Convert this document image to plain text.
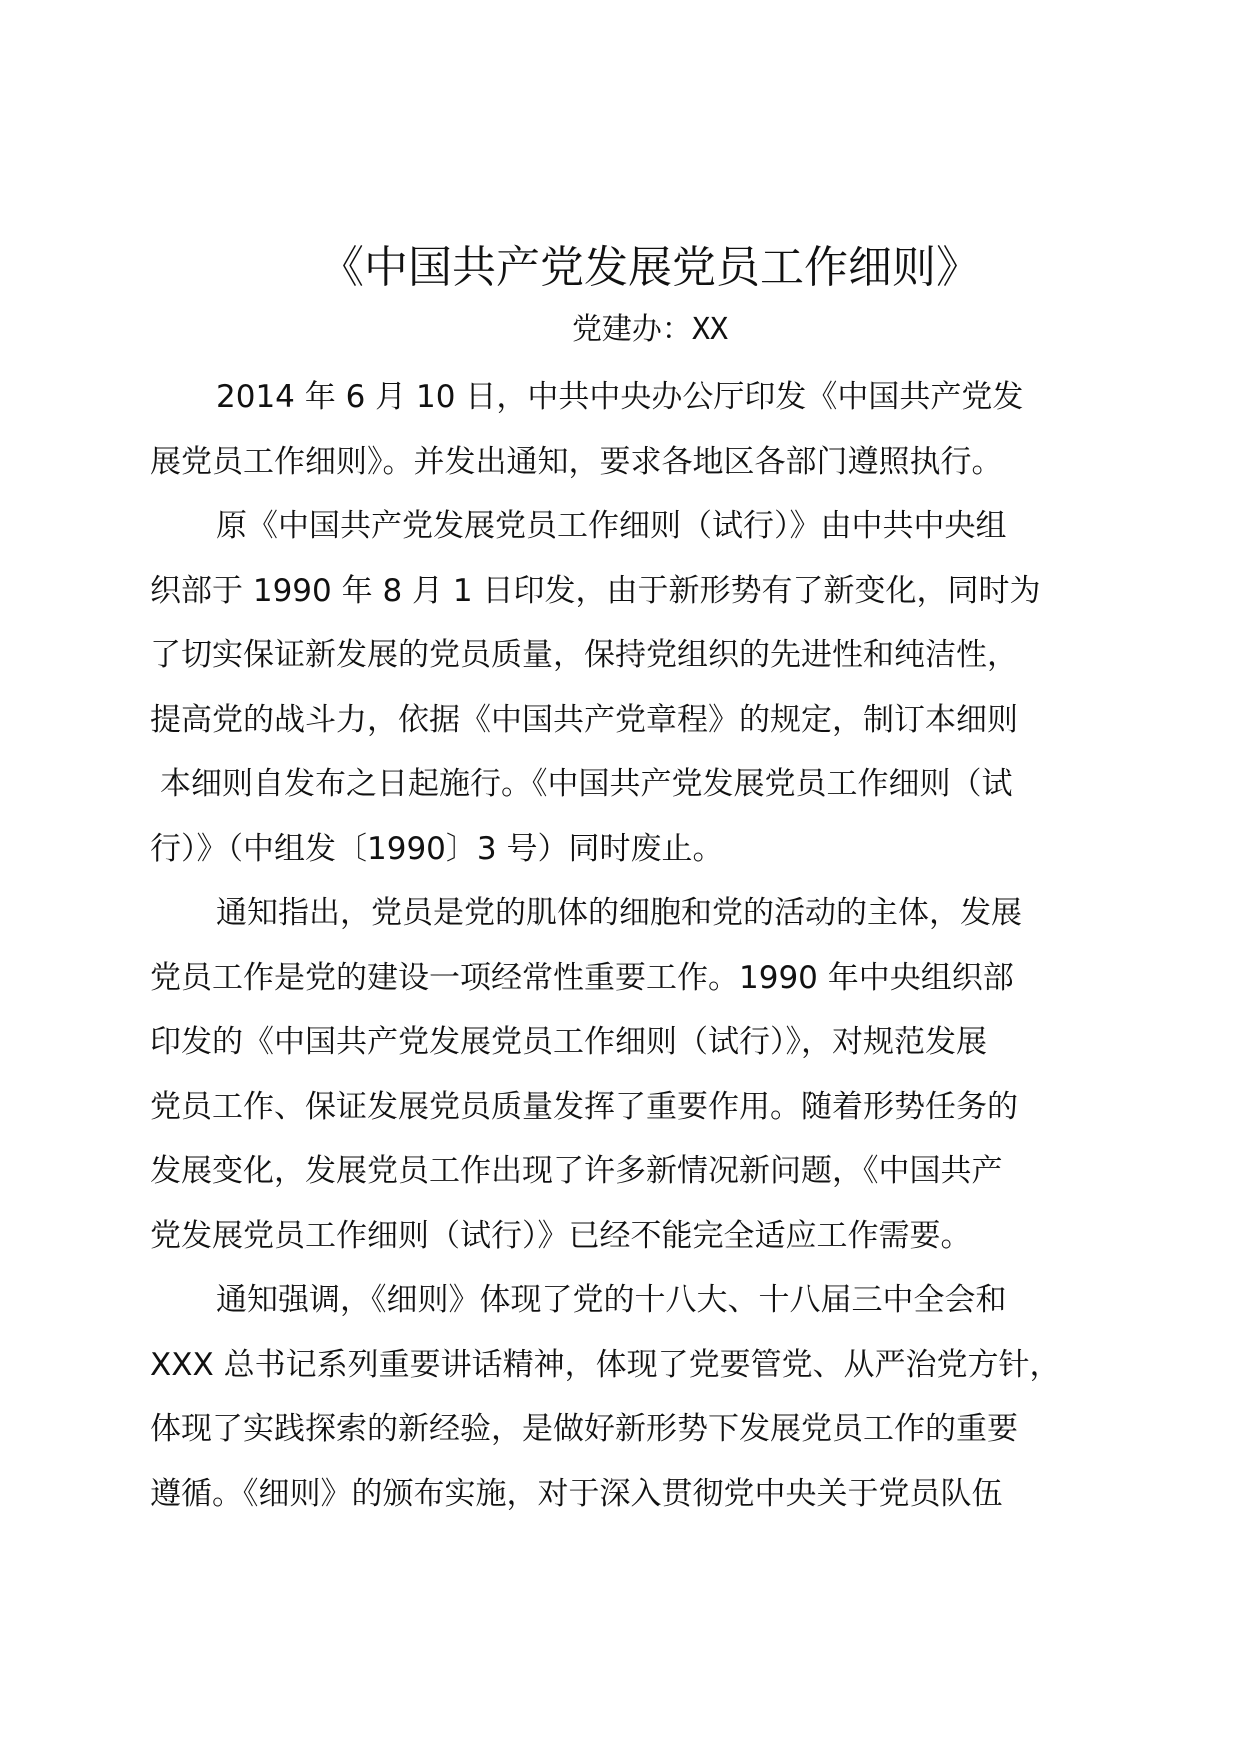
《中国共产党发展党员工作细则》
党建办：XX
2014 年 6 月 10 日，中共中央办公厅印发《中国共产党发
展党员工作细则》。并发出通知，要求各地区各部门遵照执行。
原《中国共产党发展党员工作细则（试行）》由中共中央组
织部于 1990 年 8 月 1 日印发，由于新形势有了新变化，同时为
了切实保证新发展的党员质量，保持党组织的先进性和纯洁性，
提高党的战斗力，依据《中国共产党章程》的规定，制订本细则
本细则自发布之日起施行。《中国共产党发展党员工作细则（试
行）》（中组发〔1990〕3 号）同时废止。
通知指出，党员是党的肌体的细胞和党的活动的主体，发展
党员工作是党的建设一项经常性重要工作。1990 年中央组织部
印发的《中国共产党发展党员工作细则（试行）》，对规范发展
党员工作、保证发展党员质量发挥了重要作用。随着形势任务的
发展变化，发展党员工作出现了许多新情况新问题，《中国共产
党发展党员工作细则（试行）》已经不能完全适应工作需要。
通知强调，《细则》体现了党的十八大、十八届三中全会和
XXX 总书记系列重要讲话精神，体现了党要管党、从严治党方针，
体现了实践探索的新经验，是做好新形势下发展党员工作的重要
遵循。《细则》的颁布实施，对于深入贯彻党中央关于党员队伍
